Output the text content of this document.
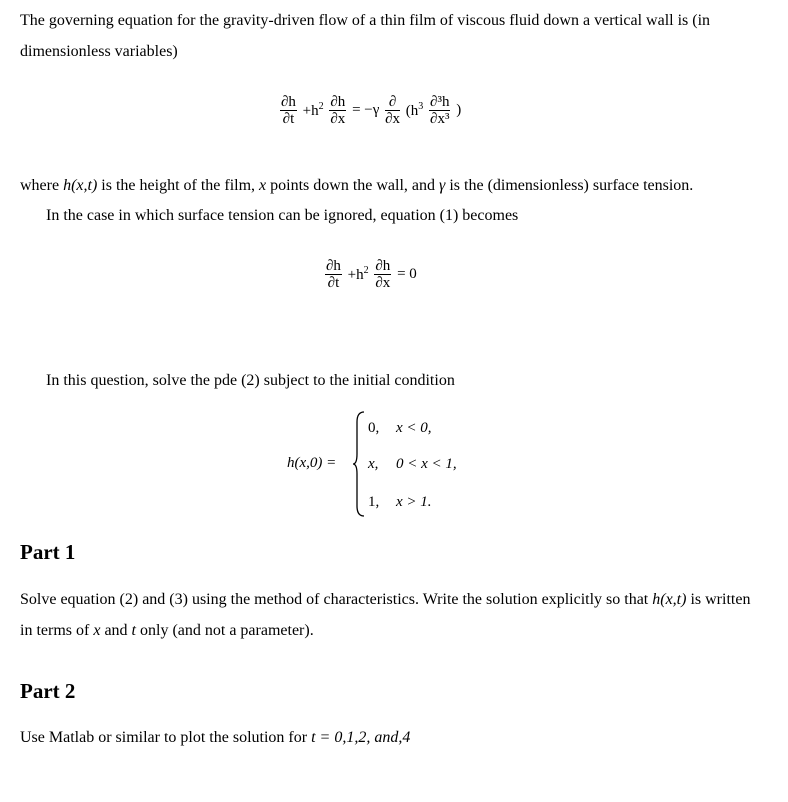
The governing equation for the gravity-driven flow of a thin film of viscous fluid down a vertical wall is (in dimensionless variables)
$\frac{\partial h}{\partial t} +h^2 \frac{\partial h}{\partial x} = -\gamma \frac{\partial}{\partial x} (h^3 \frac{\text{∂³h}}{\text{∂x³}}$ )
where h(x,t) is the height of the film, x points down the wall, and γ is the (dimensionless) surface tension.
In the case in which surface tension can be ignored, equation (1) becomes
$\frac{\partial h}{\partial t} +h^2 \frac{\partial h}{\partial x} = 0$
In this question, solve the pde (2) subject to the initial condition
h(x,0) =
0, x < 0,
x, 0 < x < 1,
1, x > 1.
Part 1
Solve equation (2) and (3) using the method of characteristics. Write the solution explicitly so that h(x,t) is written in terms of x and t only (and not a parameter).
Part 2
Use Matlab or similar to plot the solution for t = 0,1,2, and,4
